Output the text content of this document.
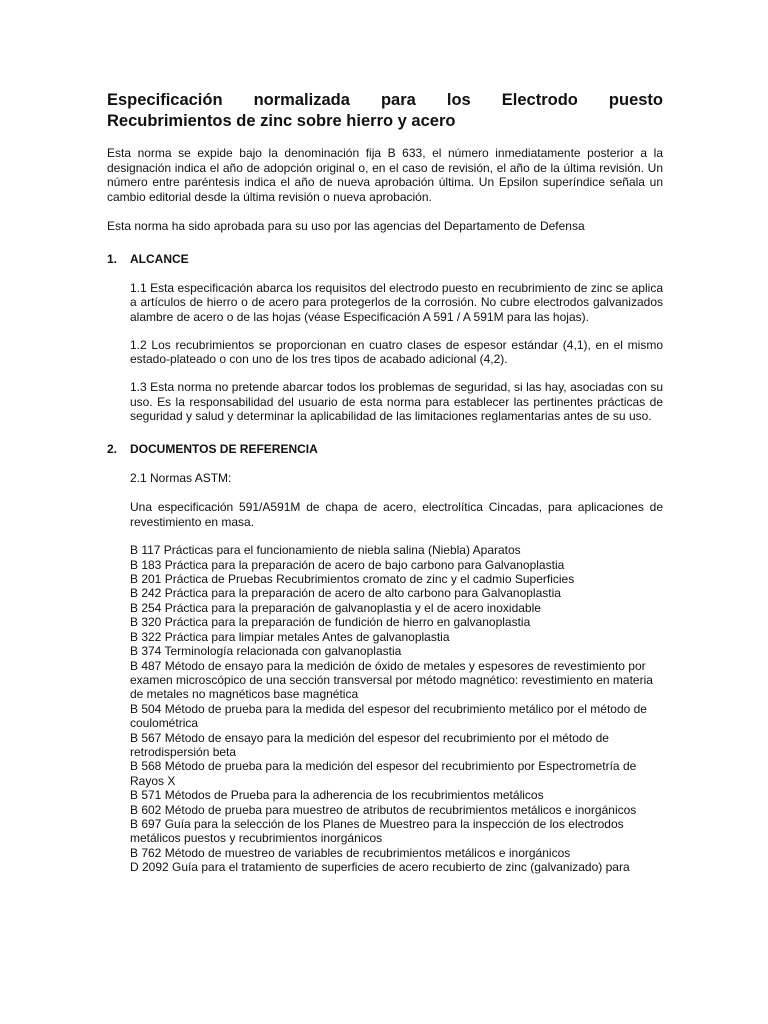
Especificación normalizada para los Electrodo puesto
Recubrimientos de zinc sobre hierro y acero

Esta norma se expide bajo la denominación fija B 633, el número inmediatamente posterior a la designación indica el año de adopción original o, en el caso de revisión, el año de la última revisión. Un número entre paréntesis indica el año de nueva aprobación última. Un Epsilon superíndice señala un cambio editorial desde la última revisión o nueva aprobación.

Esta norma ha sido aprobada para su uso por las agencias del Departamento de Defensa

1.	ALCANCE

1.1 Esta especificación abarca los requisitos del electrodo puesto en recubrimiento de zinc se aplica a artículos de hierro o de acero para protegerlos de la corrosión. No cubre electrodos galvanizados alambre de acero o de las hojas (véase Especificación A 591 / A 591M para las hojas).

1.2 Los recubrimientos se proporcionan en cuatro clases de espesor estándar (4,1), en el mismo estado-plateado o con uno de los tres tipos de acabado adicional (4,2).

1.3 Esta norma no pretende abarcar todos los problemas de seguridad, si las hay, asociadas con su uso. Es la responsabilidad del usuario de esta norma para establecer las pertinentes prácticas de seguridad y salud y determinar la aplicabilidad de las limitaciones reglamentarias antes de su uso.

2.	DOCUMENTOS DE REFERENCIA

2.1 Normas ASTM:

Una especificación 591/A591M de chapa de acero, electrolítica Cincadas, para aplicaciones de revestimiento en masa.

B 117 Prácticas para el funcionamiento de niebla salina (Niebla) Aparatos
B 183 Práctica para la preparación de acero de bajo carbono para Galvanoplastia
B 201 Práctica de Pruebas Recubrimientos cromato de zinc y el cadmio Superficies
B 242 Práctica para la preparación de acero de alto carbono para Galvanoplastia
B 254 Práctica para la preparación de galvanoplastia y el de acero inoxidable
B 320 Práctica para la preparación de fundición de hierro en galvanoplastia
B 322 Práctica para limpiar metales Antes de galvanoplastia
B 374 Terminología relacionada con galvanoplastia
B 487 Método de ensayo para la medición de óxido de metales y espesores de revestimiento por examen microscópico de una sección transversal por método magnético: revestimiento en materia de metales no magnéticos base magnética
B 504 Método de prueba para la medida del espesor del recubrimiento metálico por el método de coulométrica
B 567 Método de ensayo para la medición del espesor del recubrimiento por el método de retrodispersión beta
B 568 Método de prueba para la medición del espesor del recubrimiento por Espectrometría de Rayos X
B 571 Métodos de Prueba para la adherencia de los recubrimientos metálicos
B 602 Método de prueba para muestreo de atributos de recubrimientos metálicos e inorgánicos
B 697 Guía para la selección de los Planes de Muestreo para la inspección de los electrodos metálicos puestos y recubrimientos inorgánicos
B 762 Método de muestreo de variables de recubrimientos metálicos e inorgánicos
D 2092 Guía para el tratamiento de superficies de acero recubierto de zinc (galvanizado) para
